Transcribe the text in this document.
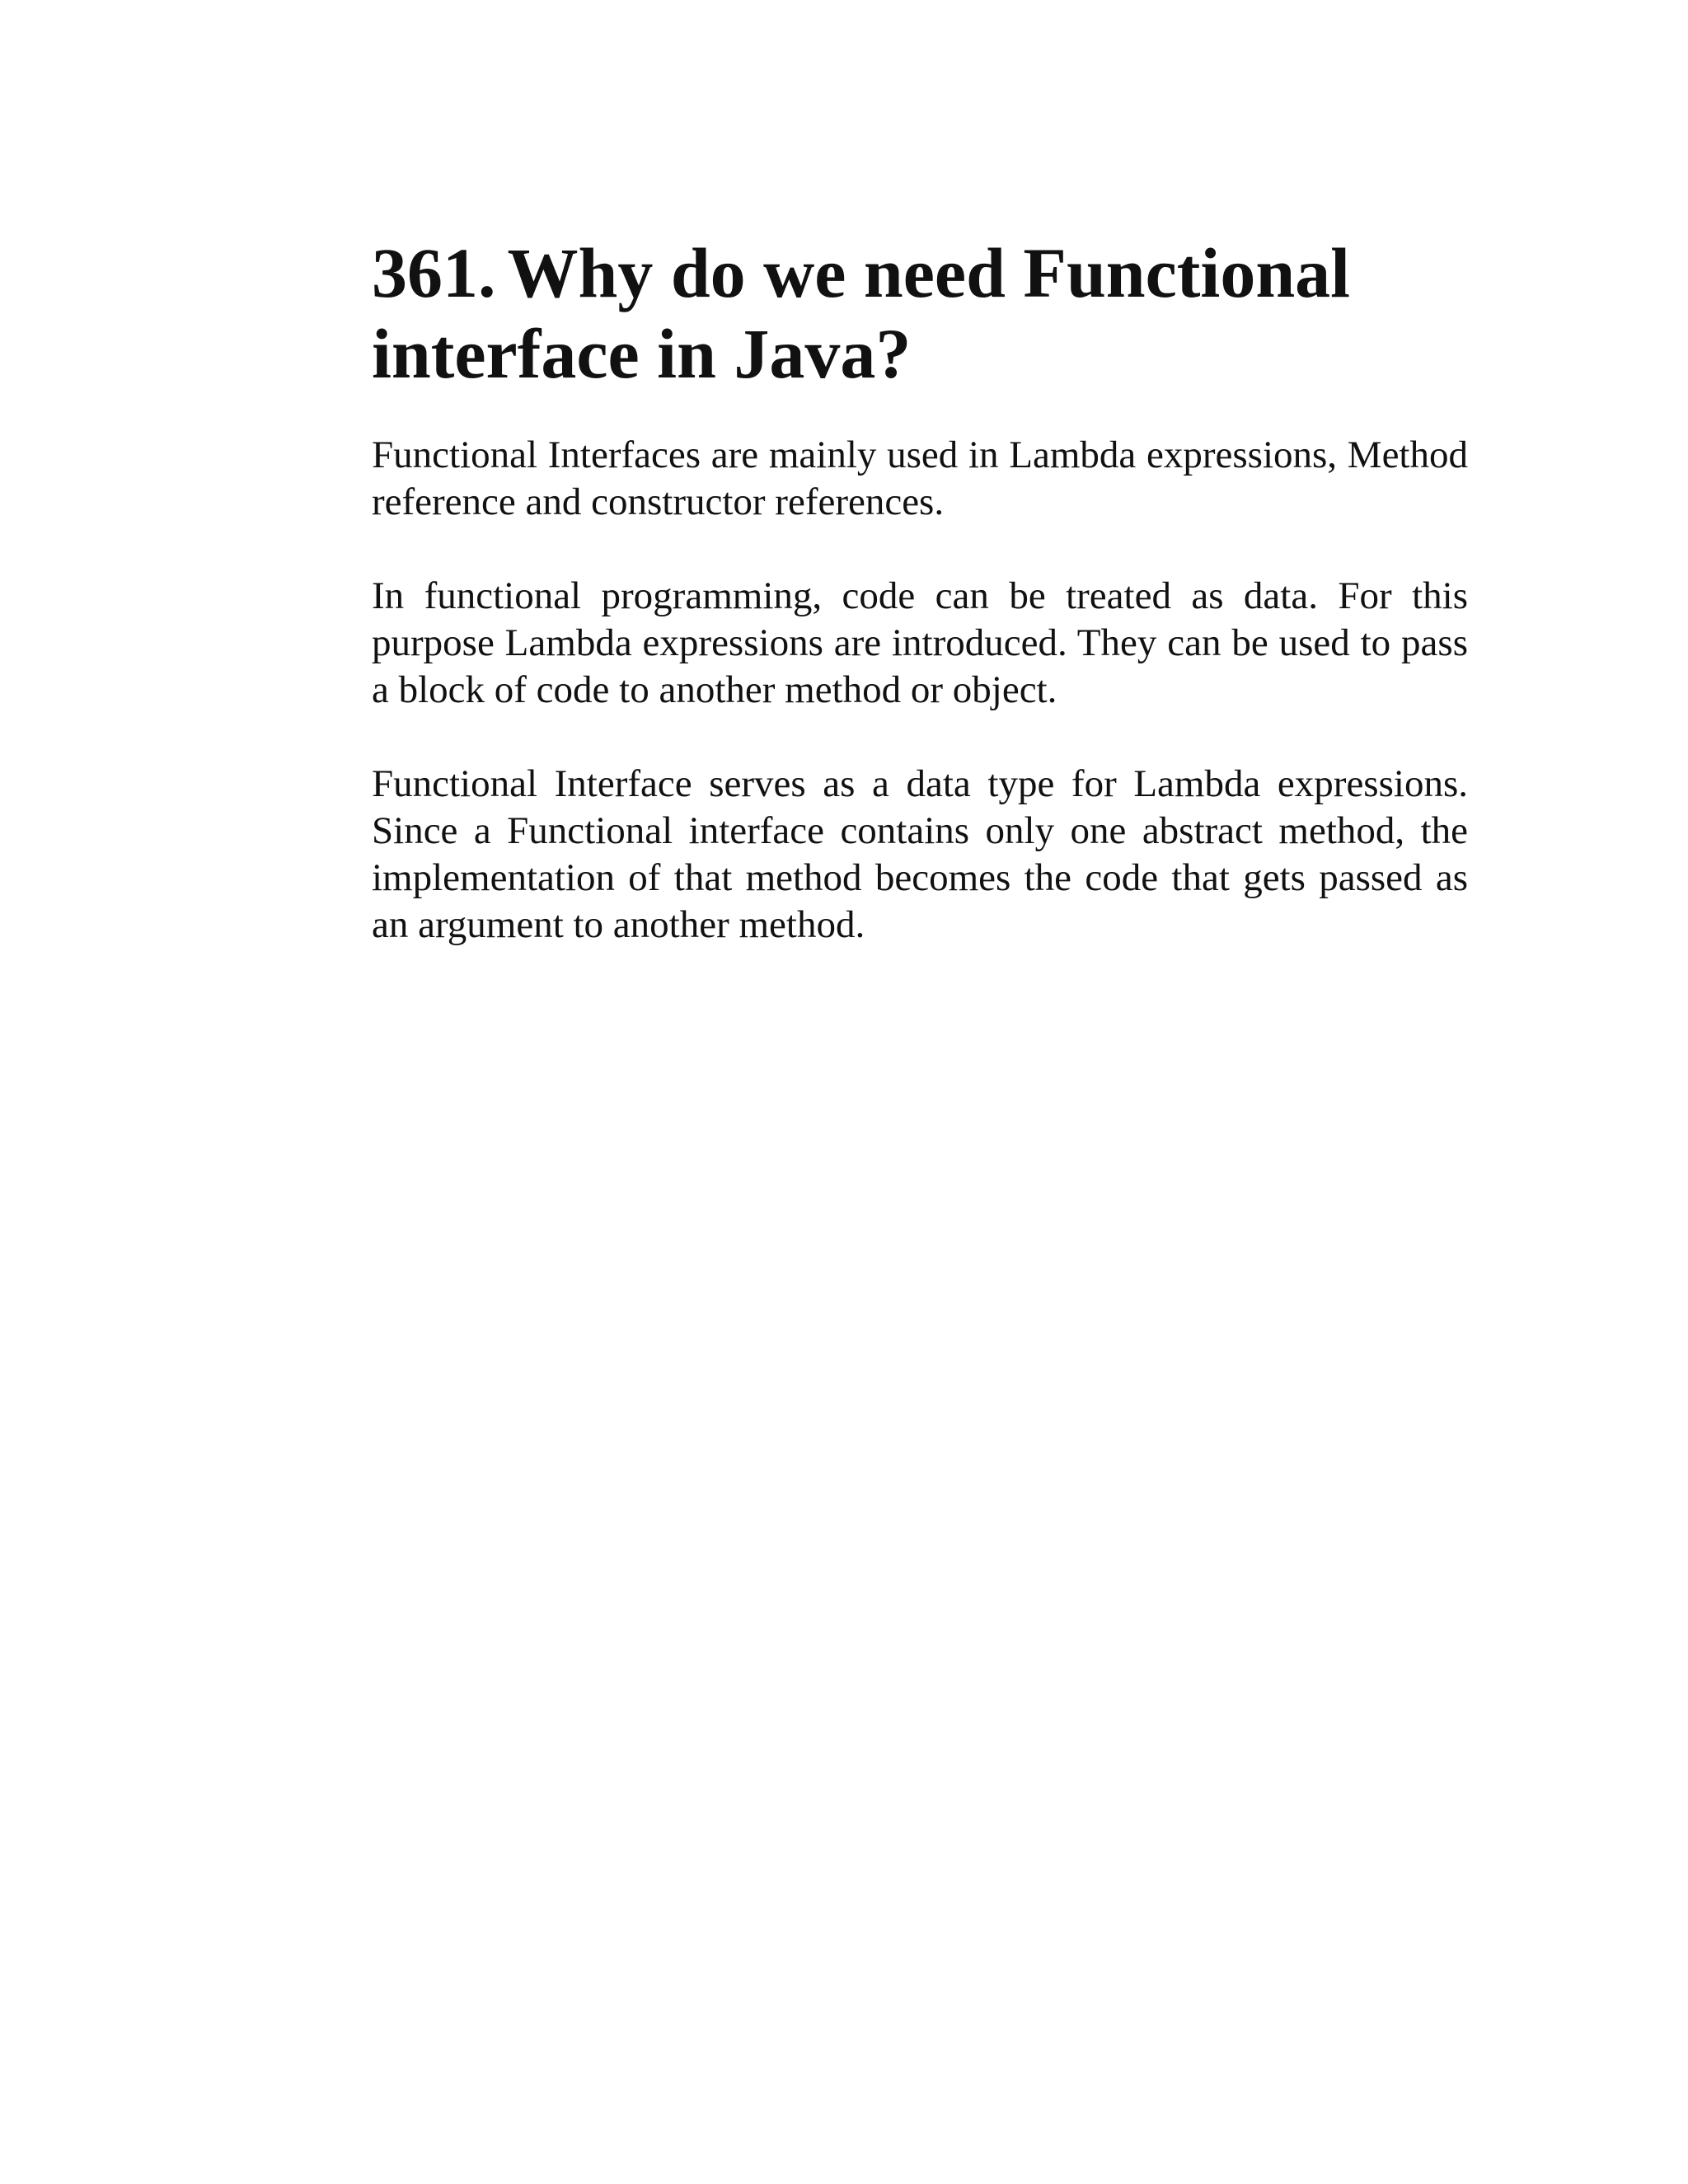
361. Why do we need Functional interface in Java?

Functional Interfaces are mainly used in Lambda expressions, Method reference and constructor references.

In functional programming, code can be treated as data. For this purpose Lambda expressions are introduced. They can be used to pass a block of code to another method or object.

Functional Interface serves as a data type for Lambda expressions. Since a Functional interface contains only one abstract method, the implementation of that method becomes the code that gets passed as an argument to another method.
